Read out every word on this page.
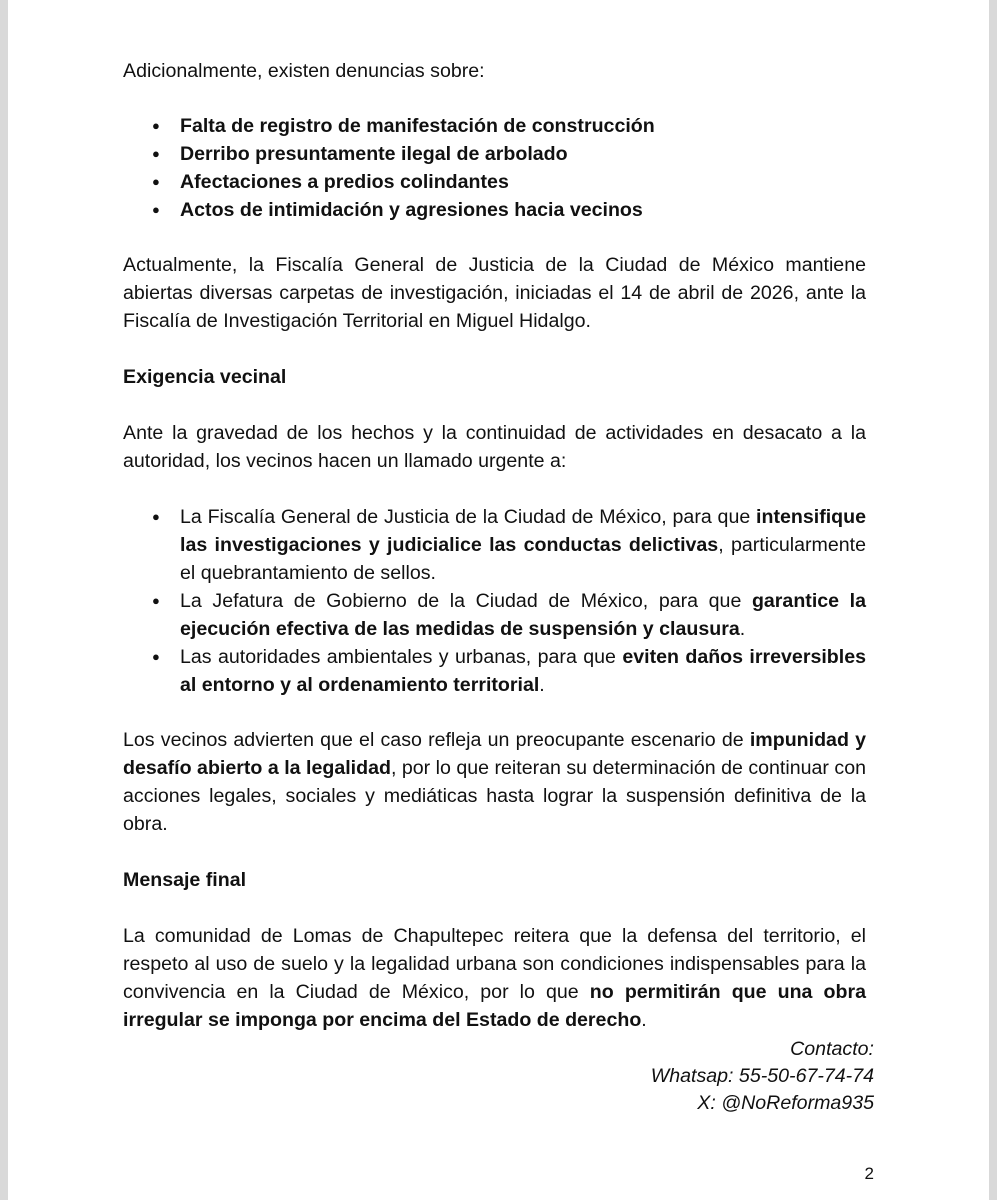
Adicionalmente, existen denuncias sobre:

● Falta de registro de manifestación de construcción
● Derribo presuntamente ilegal de arbolado
● Afectaciones a predios colindantes
● Actos de intimidación y agresiones hacia vecinos

Actualmente, la Fiscalía General de Justicia de la Ciudad de México mantiene abiertas diversas carpetas de investigación, iniciadas el 14 de abril de 2026, ante la Fiscalía de Investigación Territorial en Miguel Hidalgo.

Exigencia vecinal

Ante la gravedad de los hechos y la continuidad de actividades en desacato a la autoridad, los vecinos hacen un llamado urgente a:

● La Fiscalía General de Justicia de la Ciudad de México, para que intensifique las investigaciones y judicialice las conductas delictivas, particularmente el quebrantamiento de sellos.
● La Jefatura de Gobierno de la Ciudad de México, para que garantice la ejecución efectiva de las medidas de suspensión y clausura.
● Las autoridades ambientales y urbanas, para que eviten daños irreversibles al entorno y al ordenamiento territorial.

Los vecinos advierten que el caso refleja un preocupante escenario de impunidad y desafío abierto a la legalidad, por lo que reiteran su determinación de continuar con acciones legales, sociales y mediáticas hasta lograr la suspensión definitiva de la obra.

Mensaje final

La comunidad de Lomas de Chapultepec reitera que la defensa del territorio, el respeto al uso de suelo y la legalidad urbana son condiciones indispensables para la convivencia en la Ciudad de México, por lo que no permitirán que una obra irregular se imponga por encima del Estado de derecho.

Contacto:
Whatsap: 55-50-67-74-74
X: @NoReforma935
2
